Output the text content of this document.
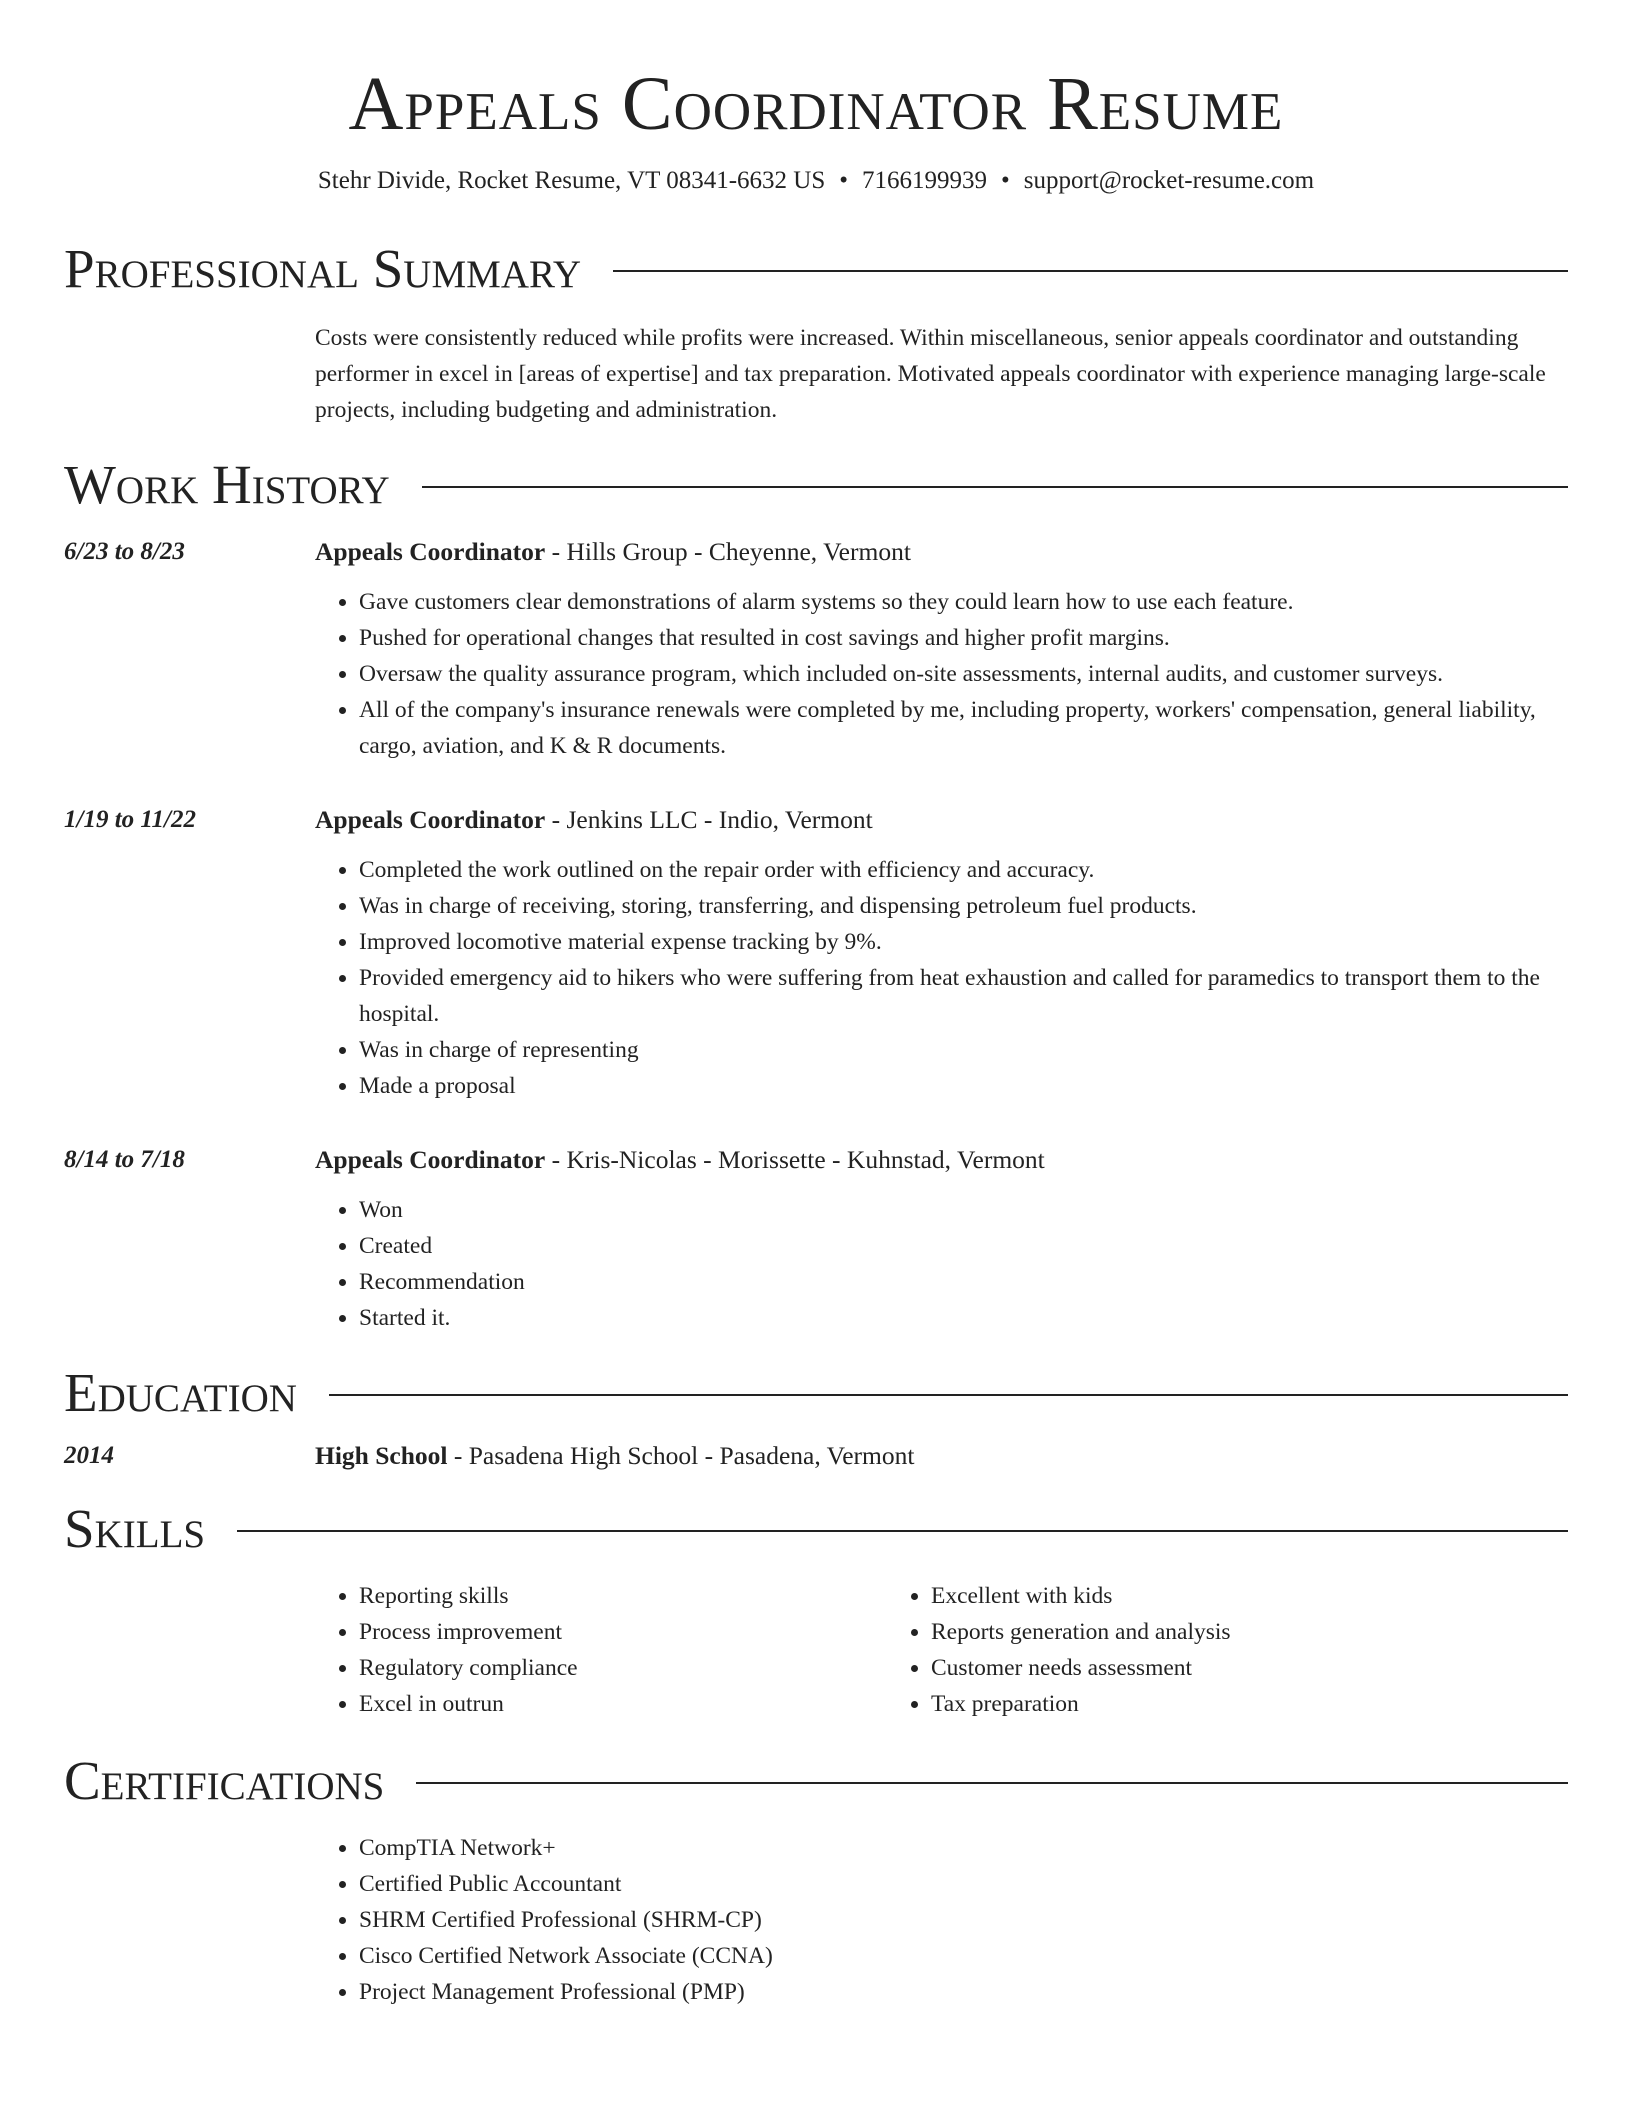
Appeals Coordinator Resume
Stehr Divide, Rocket Resume, VT 08341-6632 US • 7166199939 • support@rocket-resume.com
Professional Summary
Costs were consistently reduced while profits were increased. Within miscellaneous, senior appeals coordinator and outstanding performer in excel in [areas of expertise] and tax preparation. Motivated appeals coordinator with experience managing large-scale projects, including budgeting and administration.
Work History
6/23 to 8/23	Appeals Coordinator - Hills Group - Cheyenne, Vermont
• Gave customers clear demonstrations of alarm systems so they could learn how to use each feature.
• Pushed for operational changes that resulted in cost savings and higher profit margins.
• Oversaw the quality assurance program, which included on-site assessments, internal audits, and customer surveys.
• All of the company's insurance renewals were completed by me, including property, workers' compensation, general liability, cargo, aviation, and K & R documents.
1/19 to 11/22	Appeals Coordinator - Jenkins LLC - Indio, Vermont
• Completed the work outlined on the repair order with efficiency and accuracy.
• Was in charge of receiving, storing, transferring, and dispensing petroleum fuel products.
• Improved locomotive material expense tracking by 9%.
• Provided emergency aid to hikers who were suffering from heat exhaustion and called for paramedics to transport them to the hospital.
• Was in charge of representing
• Made a proposal
8/14 to 7/18	Appeals Coordinator - Kris-Nicolas - Morissette - Kuhnstad, Vermont
• Won
• Created
• Recommendation
• Started it.
Education
2014	High School - Pasadena High School - Pasadena, Vermont
Skills
• Reporting skills
• Process improvement
• Regulatory compliance
• Excel in outrun
• Excellent with kids
• Reports generation and analysis
• Customer needs assessment
• Tax preparation
Certifications
• CompTIA Network+
• Certified Public Accountant
• SHRM Certified Professional (SHRM-CP)
• Cisco Certified Network Associate (CCNA)
• Project Management Professional (PMP)
